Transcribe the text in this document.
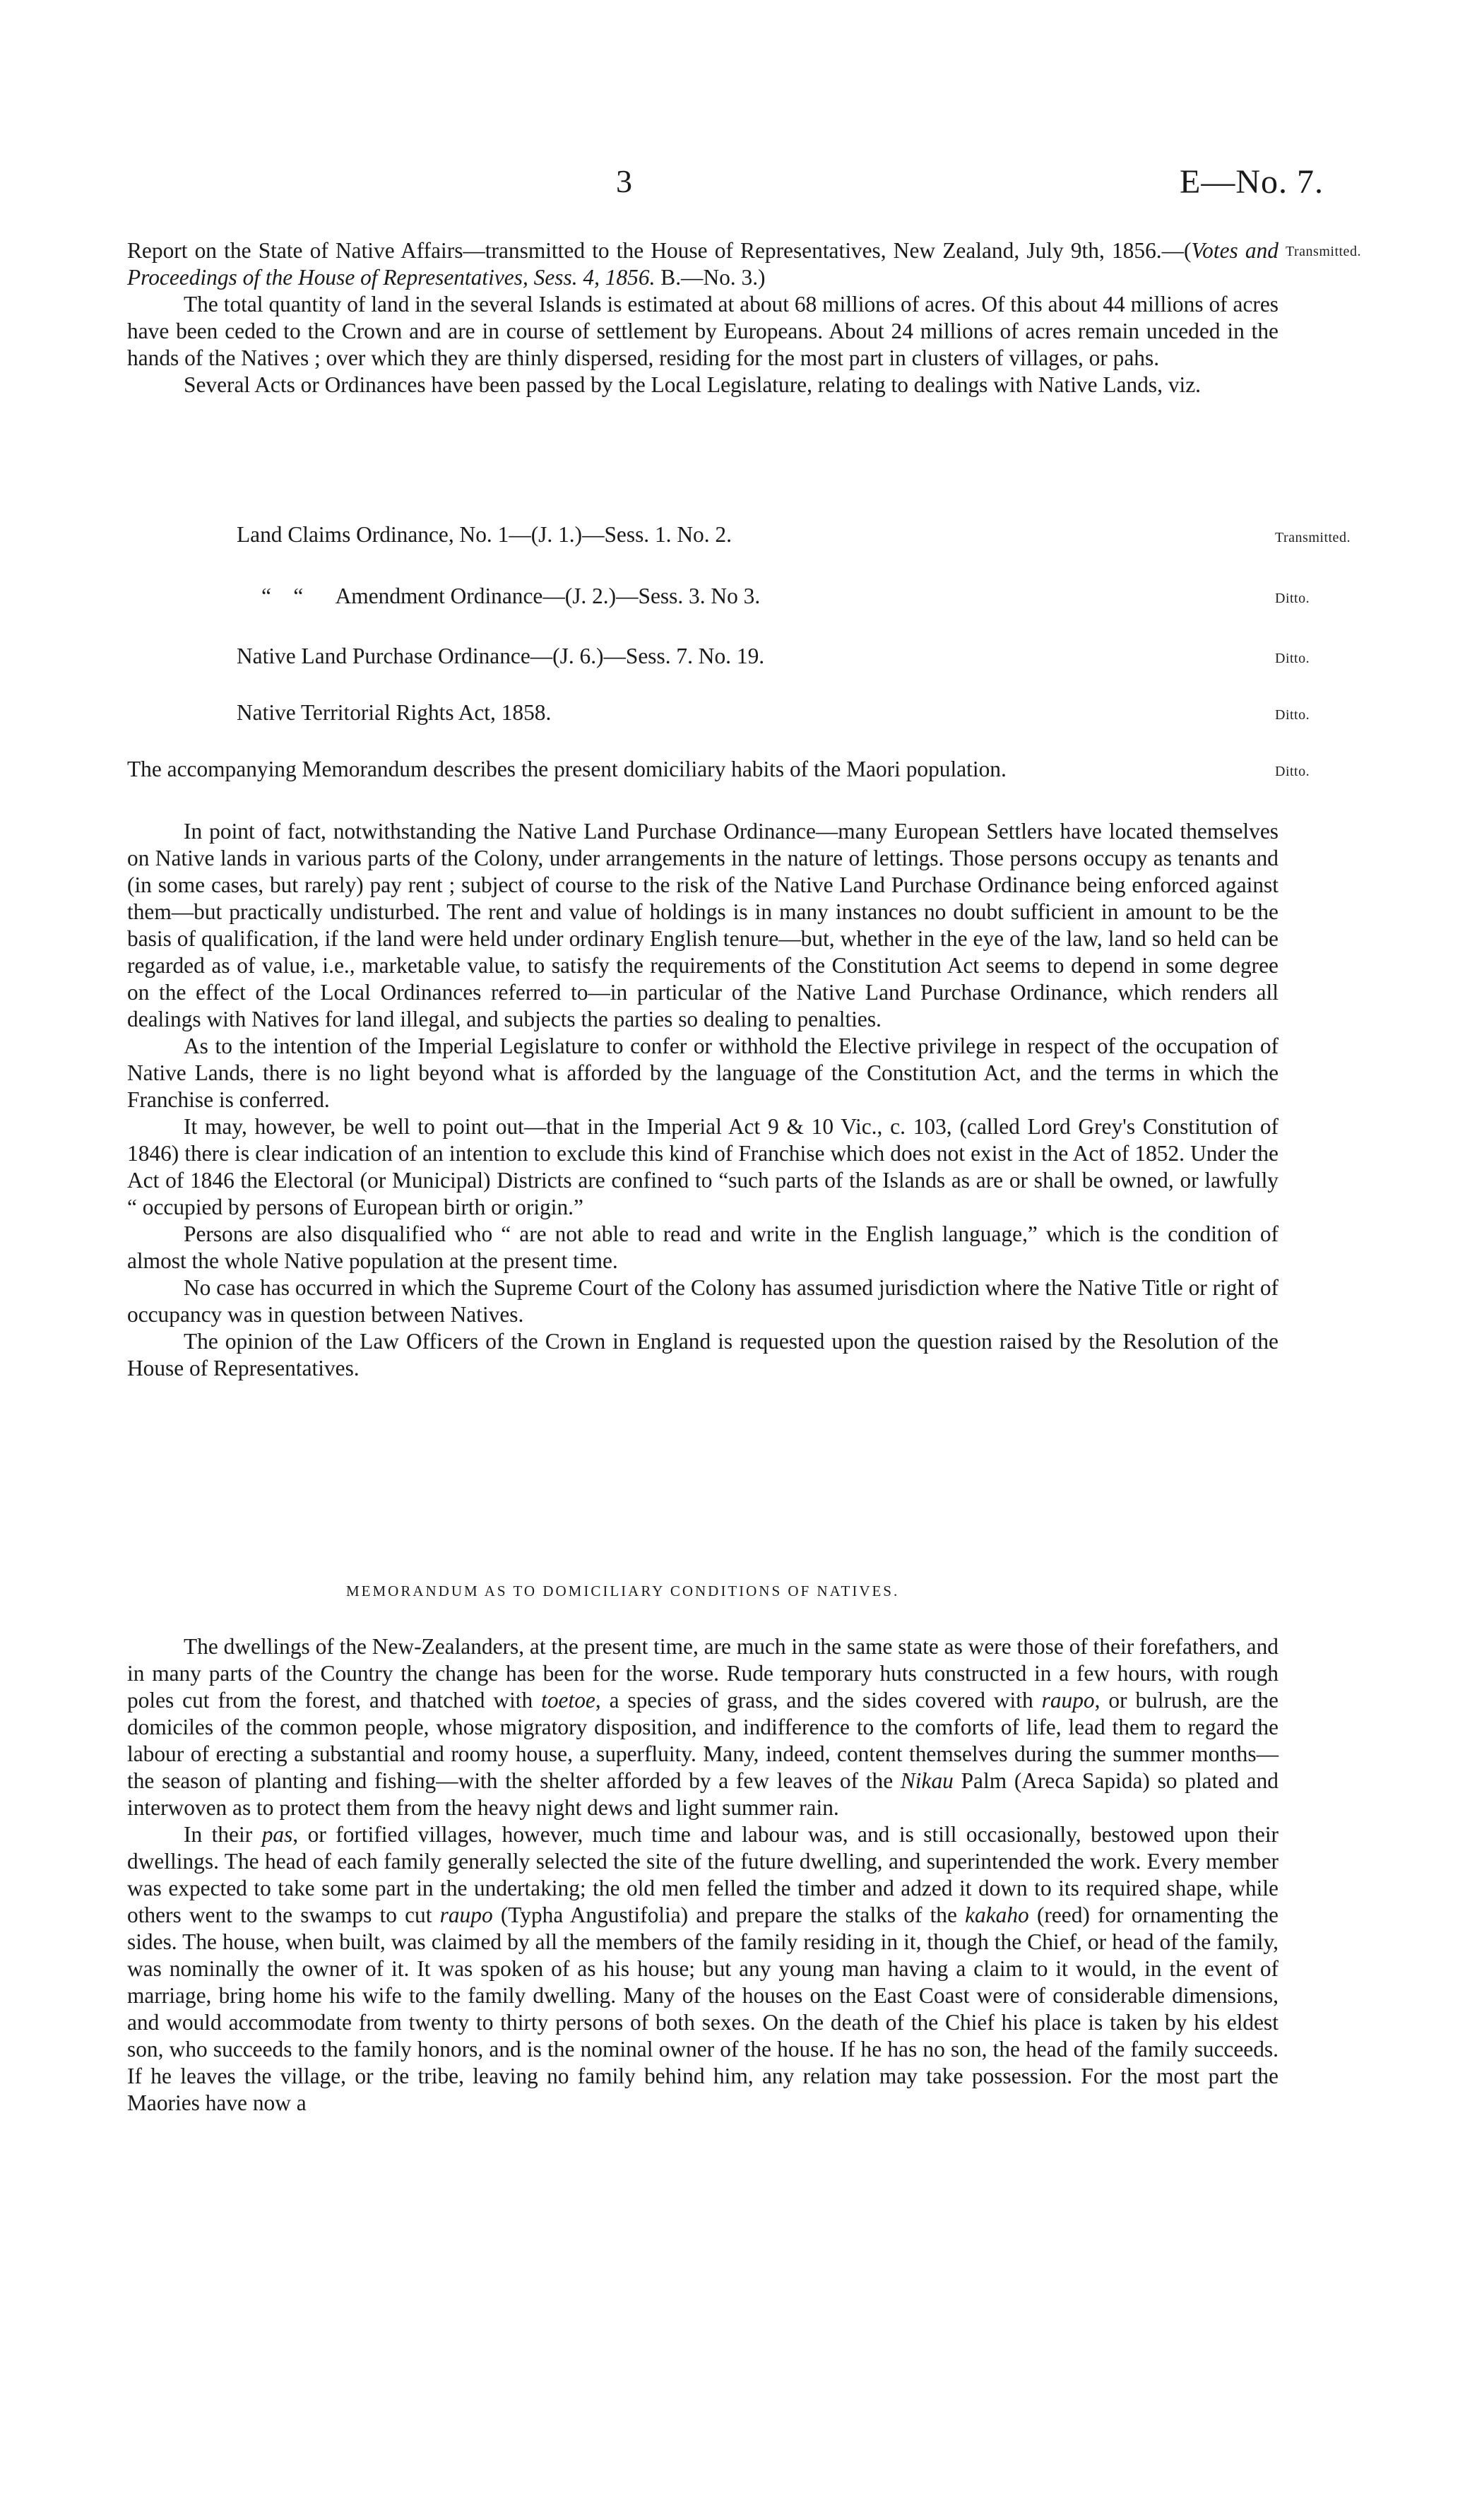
3	E—No. 7.

Report on the State of Native Affairs—transmitted to the House of Representatives, New Zealand, July 9th, 1856.—(Votes and Proceedings of the House of Representatives, Sess. 4, 1856. B.—No. 3.)

The total quantity of land in the several Islands is estimated at about 68 millions of acres. Of this about 44 millions of acres have been ceded to the Crown and are in course of settlement by Europeans. About 24 millions of acres remain unceded in the hands of the Natives ; over which they are thinly dispersed, residing for the most part in clusters of villages, or pahs.

Several Acts or Ordinances have been passed by the Local Legislature, relating to dealings with Native Lands, viz.

Transmitted.
Land Claims Ordinance, No. 1—(J. 1.)—Sess. 1. No. 2.	Transmitted.
“    “      Amendment Ordinance—(J. 2.)—Sess. 3. No 3.	Ditto.
Native Land Purchase Ordinance—(J. 6.)—Sess. 7. No. 19.	Ditto.
Native Territorial Rights Act, 1858.	Ditto.
The accompanying Memorandum describes the present domiciliary habits of the Maori population.	Ditto.

In point of fact, notwithstanding the Native Land Purchase Ordinance—many European Settlers have located themselves on Native lands in various parts of the Colony, under arrangements in the nature of lettings. Those persons occupy as tenants and (in some cases, but rarely) pay rent ; subject of course to the risk of the Native Land Purchase Ordinance being enforced against them—but practically undisturbed. The rent and value of holdings is in many instances no doubt sufficient in amount to be the basis of qualification, if the land were held under ordinary English tenure—but, whether in the eye of the law, land so held can be regarded as of value, i.e., marketable value, to satisfy the requirements of the Constitution Act seems to depend in some degree on the effect of the Local Ordinances referred to—in particular of the Native Land Purchase Ordinance, which renders all dealings with Natives for land illegal, and subjects the parties so dealing to penalties.

As to the intention of the Imperial Legislature to confer or withhold the Elective privilege in respect of the occupation of Native Lands, there is no light beyond what is afforded by the language of the Constitution Act, and the terms in which the Franchise is conferred.

It may, however, be well to point out—that in the Imperial Act 9 & 10 Vic., c. 103, (called Lord Grey's Constitution of 1846) there is clear indication of an intention to exclude this kind of Franchise which does not exist in the Act of 1852. Under the Act of 1846 the Electoral (or Municipal) Districts are confined to “such parts of the Islands as are or shall be owned, or lawfully “ occupied by persons of European birth or origin.”

Persons are also disqualified who “ are not able to read and write in the English language,” which is the condition of almost the whole Native population at the present time.

No case has occurred in which the Supreme Court of the Colony has assumed jurisdiction where the Native Title or right of occupancy was in question between Natives.

The opinion of the Law Officers of the Crown in England is requested upon the question raised by the Resolution of the House of Representatives.

MEMORANDUM AS TO DOMICILIARY CONDITIONS OF NATIVES.

The dwellings of the New-Zealanders, at the present time, are much in the same state as were those of their forefathers, and in many parts of the Country the change has been for the worse. Rude temporary huts constructed in a few hours, with rough poles cut from the forest, and thatched with toetoe, a species of grass, and the sides covered with raupo, or bulrush, are the domiciles of the common people, whose migratory disposition, and indifference to the comforts of life, lead them to regard the labour of erecting a substantial and roomy house, a superfluity. Many, indeed, content themselves during the summer months—the season of planting and fishing—with the shelter afforded by a few leaves of the Nikau Palm (Areca Sapida) so plated and interwoven as to protect them from the heavy night dews and light summer rain.

In their pas, or fortified villages, however, much time and labour was, and is still occasionally, bestowed upon their dwellings. The head of each family generally selected the site of the future dwelling, and superintended the work. Every member was expected to take some part in the undertaking; the old men felled the timber and adzed it down to its required shape, while others went to the swamps to cut raupo (Typha Angustifolia) and prepare the stalks of the kakaho (reed) for ornamenting the sides. The house, when built, was claimed by all the members of the family residing in it, though the Chief, or head of the family, was nominally the owner of it. It was spoken of as his house; but any young man having a claim to it would, in the event of marriage, bring home his wife to the family dwelling. Many of the houses on the East Coast were of considerable dimensions, and would accommodate from twenty to thirty persons of both sexes. On the death of the Chief his place is taken by his eldest son, who succeeds to the family honors, and is the nominal owner of the house. If he has no son, the head of the family succeeds. If he leaves the village, or the tribe, leaving no family behind him, any relation may take possession. For the most part the Maories have now a
